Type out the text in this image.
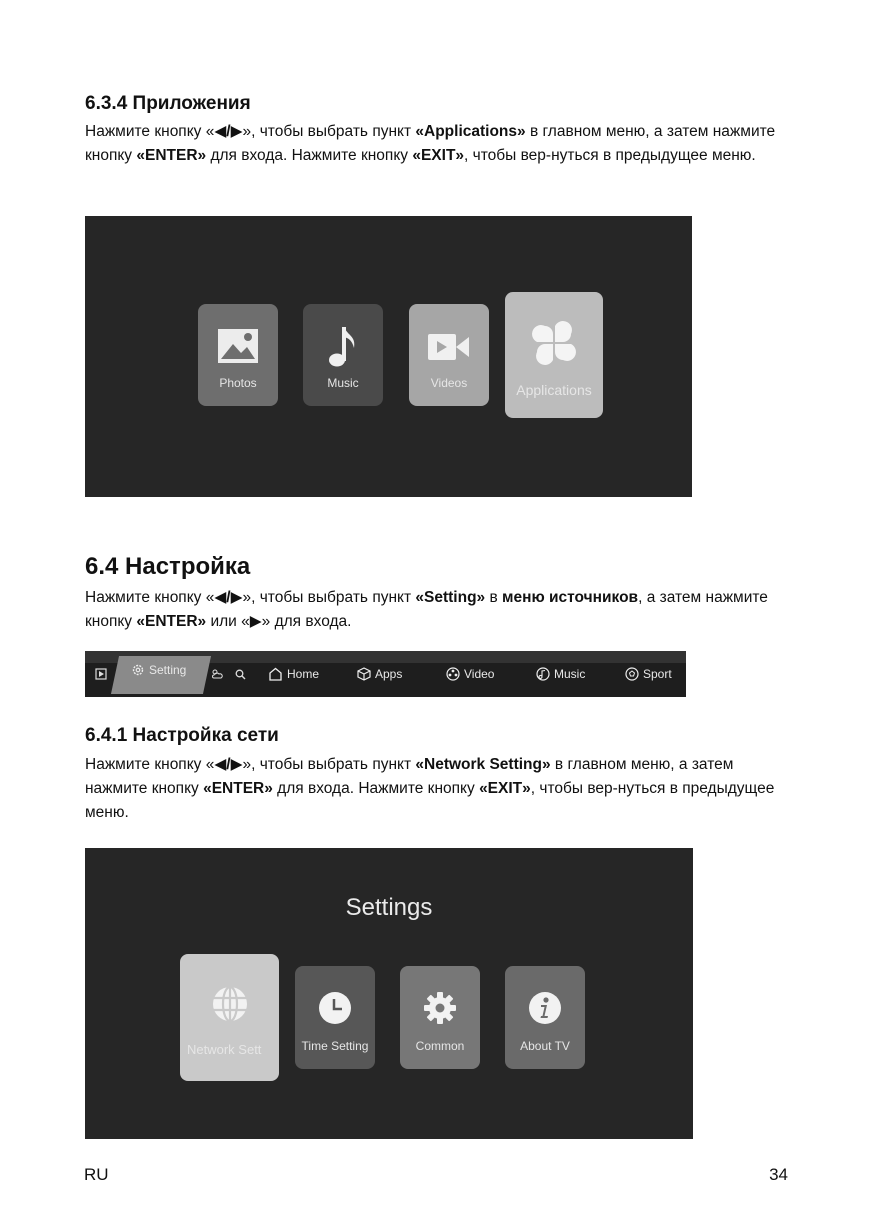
6.3.4 Приложения
Нажмите кнопку «◀/▶», чтобы выбрать пункт «Applications» в главном меню, а затем нажмите кнопку «ENTER» для входа. Нажмите кнопку «EXIT», чтобы вер-нуться в предыдущее меню.
Photos	Music	Videos	Applications
6.4 Настройка
Нажмите кнопку «◀/▶», чтобы выбрать пункт «Setting» в меню источников, а затем нажмите кнопку «ENTER» или «▶» для входа.
Setting	Home	Apps	Video	Music	Sport
6.4.1 Настройка сети
Нажмите кнопку «◀/▶», чтобы выбрать пункт «Network Setting» в главном меню, а затем нажмите кнопку «ENTER» для входа. Нажмите кнопку «EXIT», чтобы вер-нуться в предыдущее меню.
Settings
Network Sett	Time Setting	Common	About TV
RU	34
